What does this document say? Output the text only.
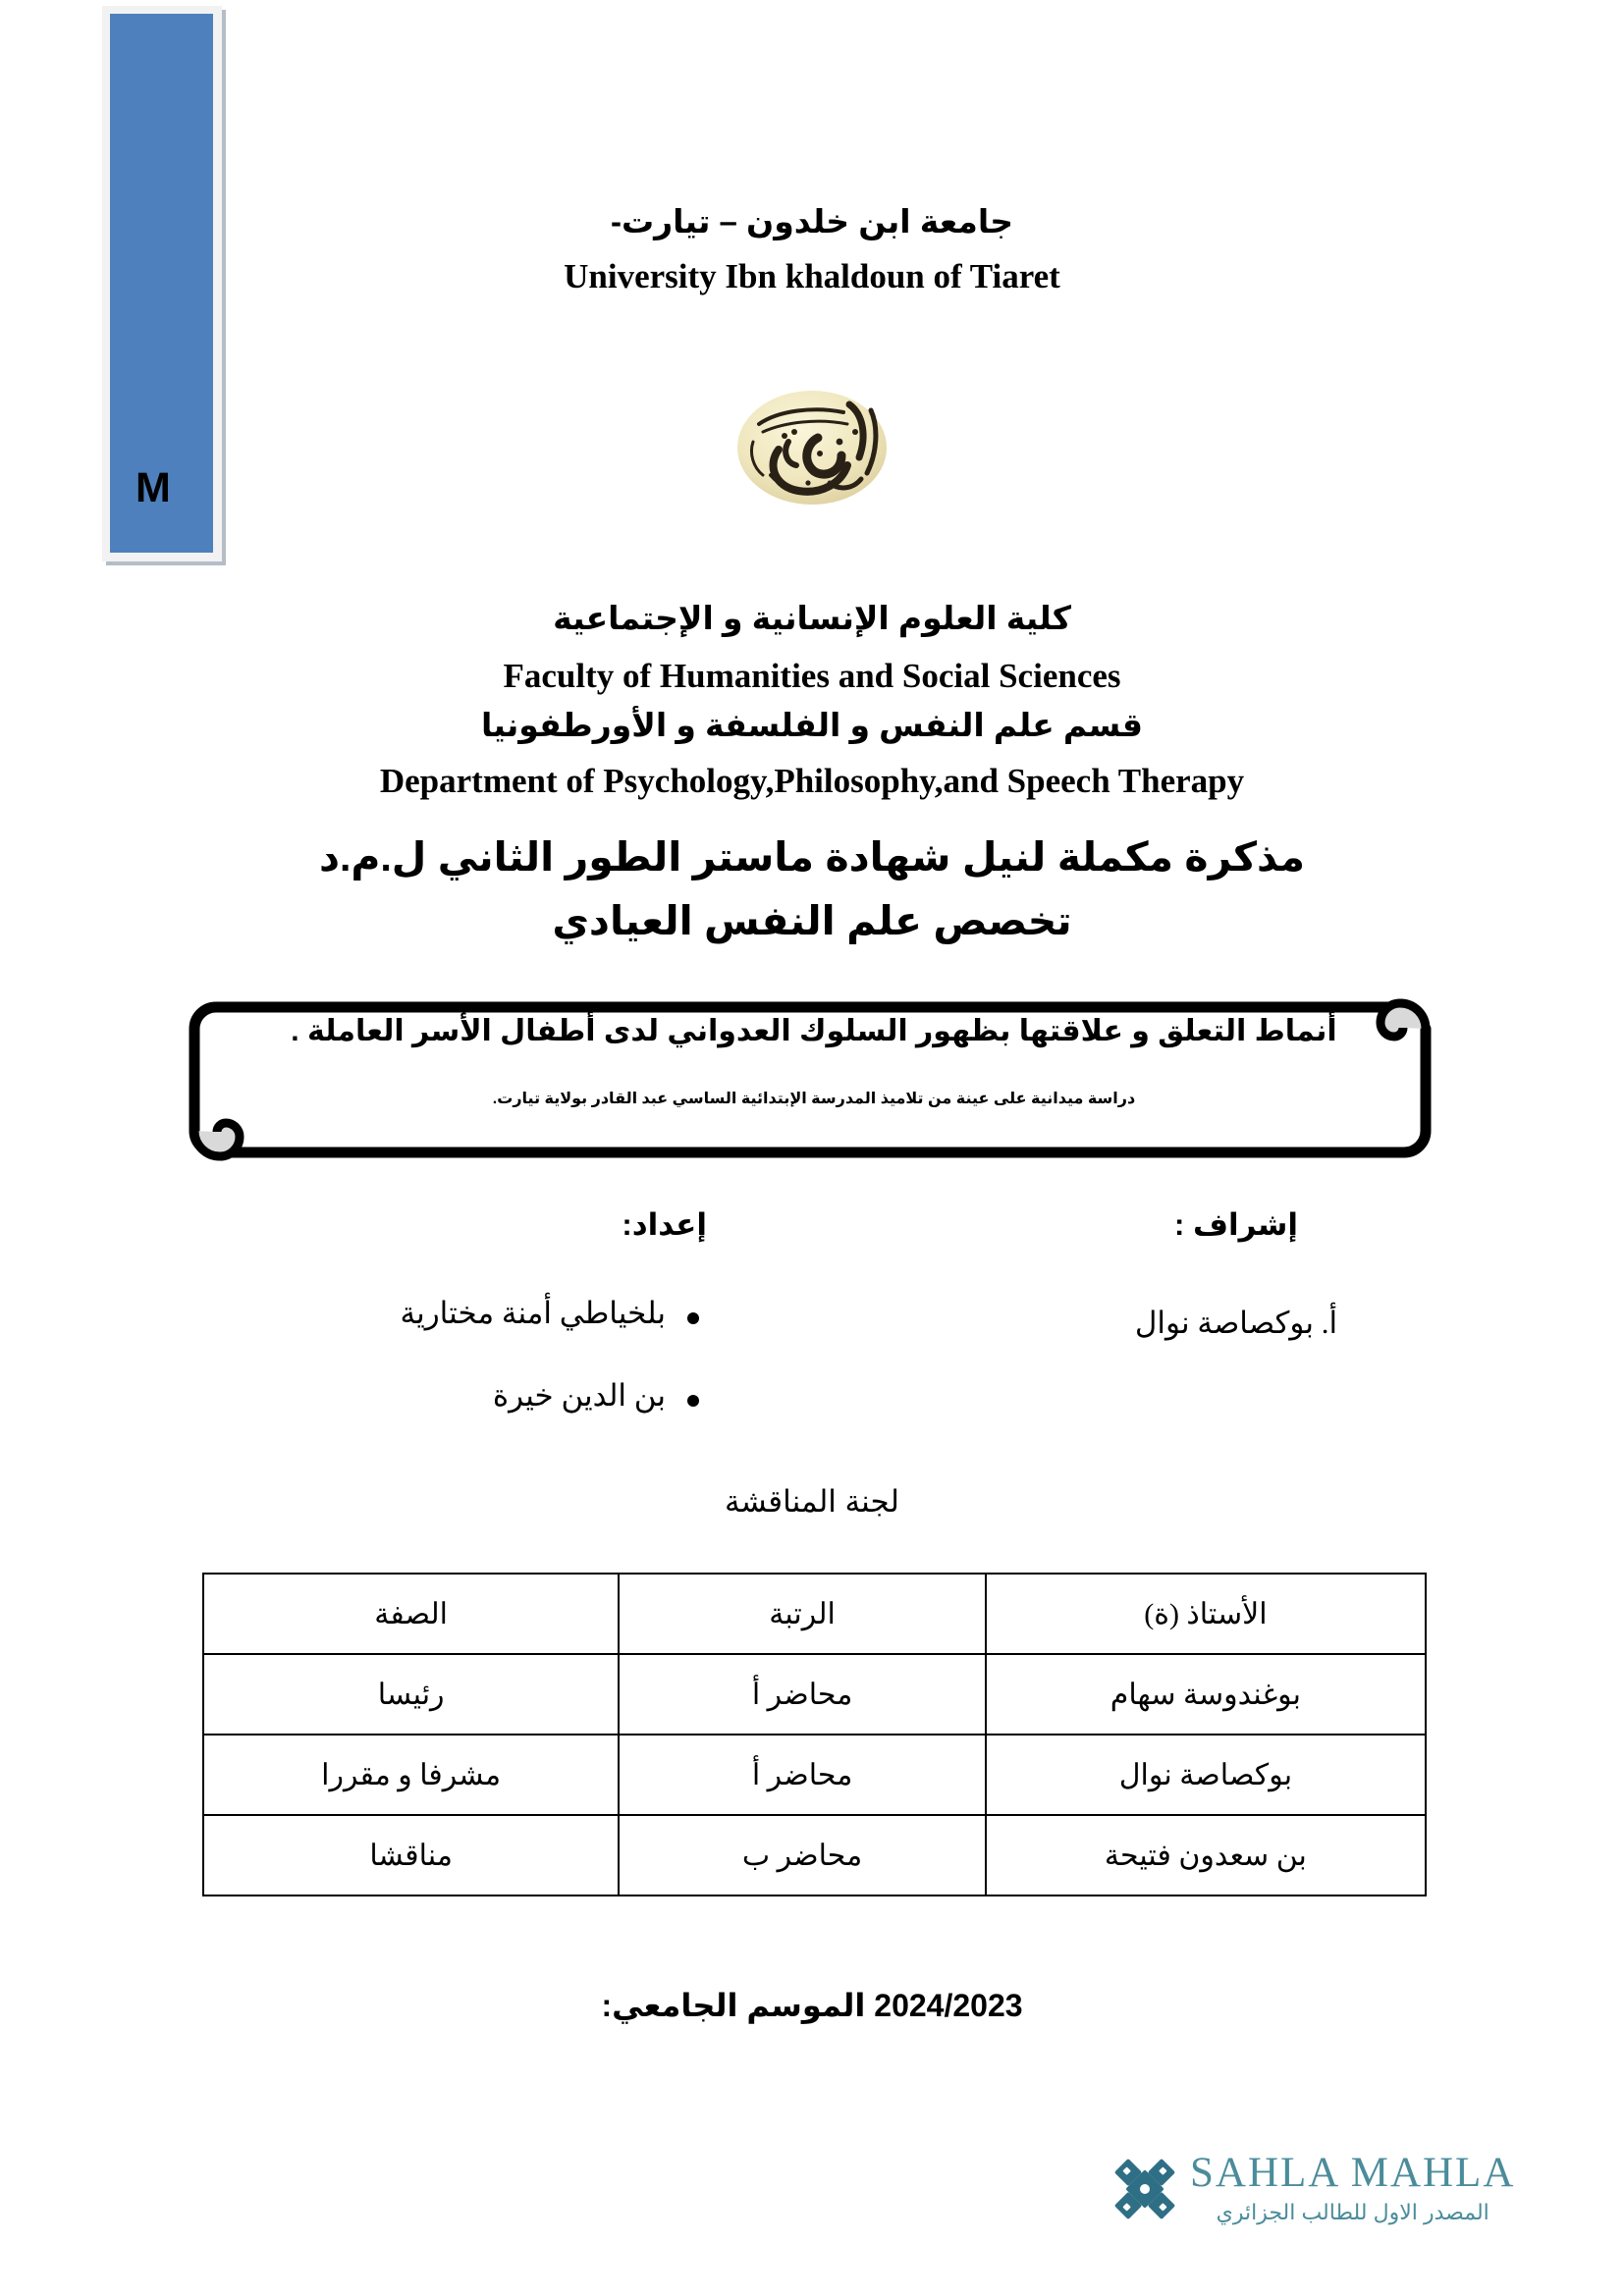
M
جامعة ابن خلدون – تيارت-
University Ibn khaldoun of Tiaret
كلية العلوم الإنسانية و الإجتماعية
Faculty of Humanities and Social Sciences
قسم علم النفس و الفلسفة و الأورطفونيا
Department of Psychology,Philosophy,and Speech Therapy
مذكرة مكملة لنيل شهادة ماستر الطور الثاني ل.م.د
تخصص علم النفس العيادي
أنماط التعلق و علاقتها بظهور السلوك العدواني لدى أطفال الأسر العاملة .
دراسة ميدانية على عينة من تلاميذ المدرسة الإبتدائية الساسي عبد القادر بولاية تيارت.
إشراف :
أ. بوكصاصة نوال
إعداد:
بلخياطي أمنة مختارية
بن الدين خيرة
لجنة المناقشة
الأستاذ (ة)	الرتبة	الصفة
بوغندوسة سهام	محاضر أ	رئيسا
بوكصاصة نوال	محاضر أ	مشرفا و مقررا
بن سعدون فتيحة	محاضر ب	مناقشا
2024/2023 الموسم الجامعي:
SAHLA MAHLA
المصدر الاول للطالب الجزائري
